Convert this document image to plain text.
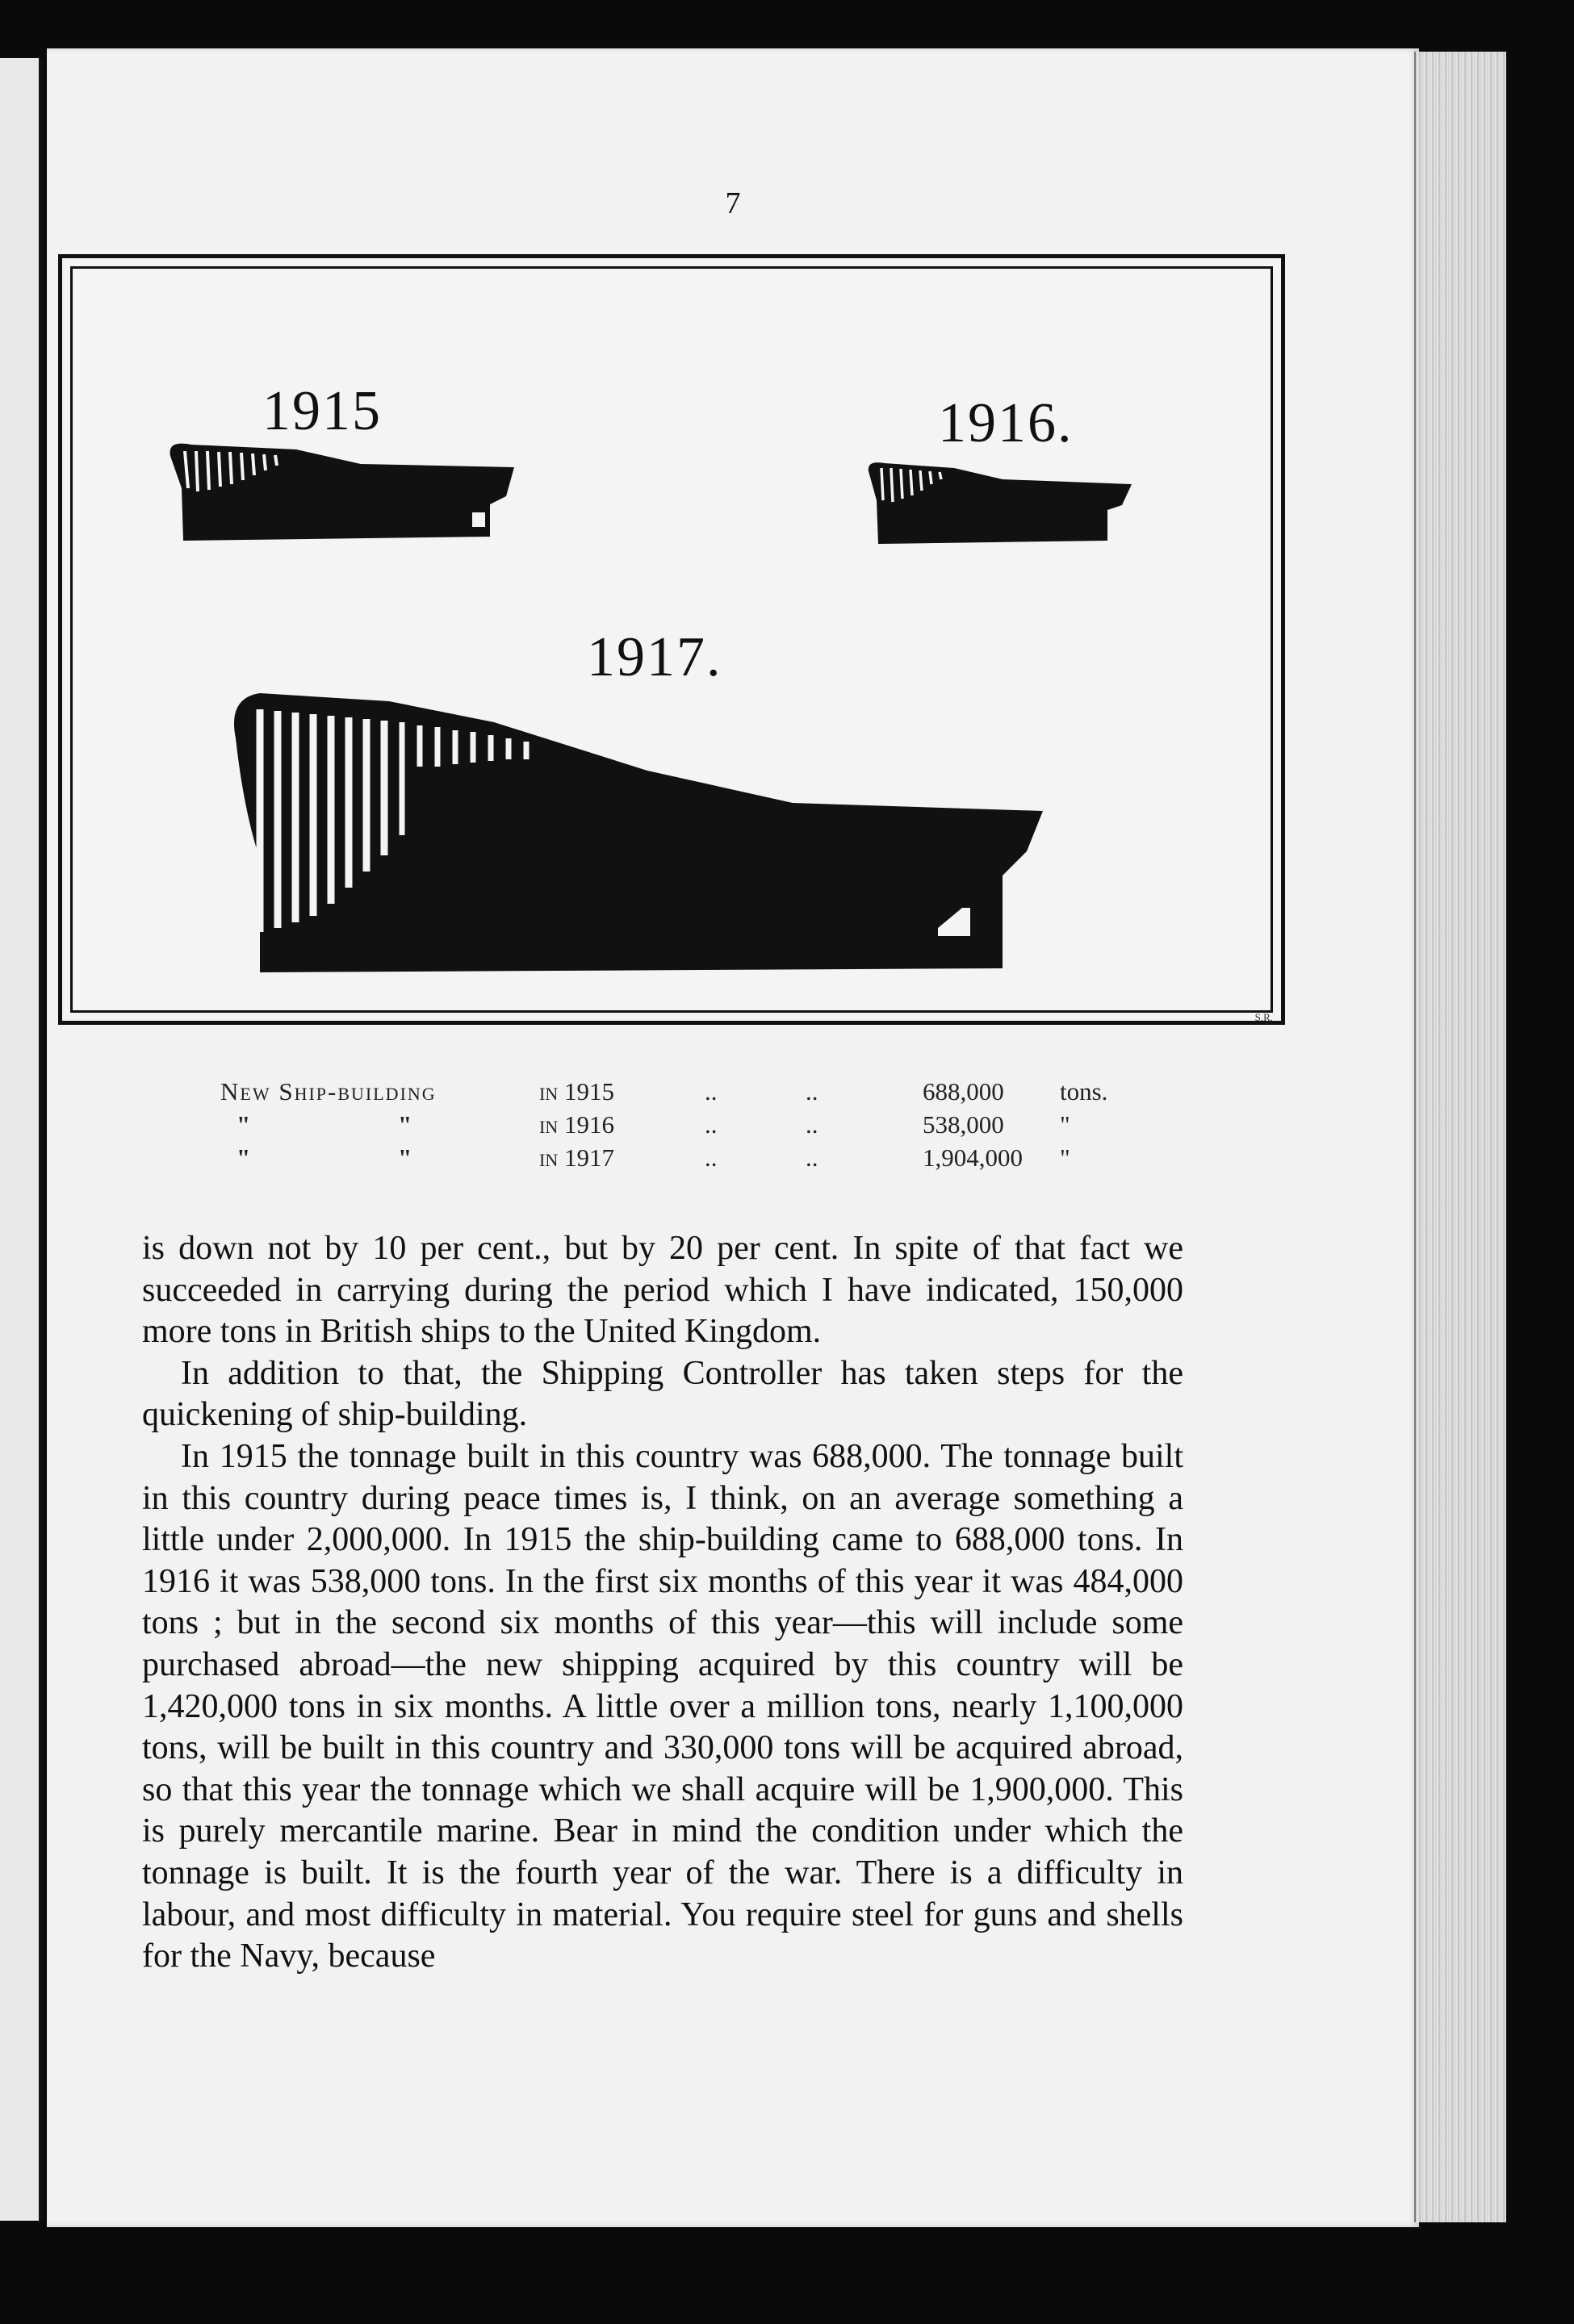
7
1915	1916.
1917.
S.R.
New Ship-building	in 1915	..	..	688,000 tons.
"	"	in 1916	..	..	538,000 "
"	"	in 1917	..	..	1,904,000 "

is down not by 10 per cent., but by 20 per cent. In spite of that fact we succeeded in carrying during the period which I have indicated, 150,000 more tons in British ships to the United Kingdom.

In addition to that, the Shipping Controller has taken steps for the quickening of ship-building.

In 1915 the tonnage built in this country was 688,000. The tonnage built in this country during peace times is, I think, on an average something a little under 2,000,000. In 1915 the ship-building came to 688,000 tons. In 1916 it was 538,000 tons. In the first six months of this year it was 484,000 tons ; but in the second six months of this year—this will include some purchased abroad—the new shipping acquired by this country will be 1,420,000 tons in six months. A little over a million tons, nearly 1,100,000 tons, will be built in this country and 330,000 tons will be acquired abroad, so that this year the tonnage which we shall acquire will be 1,900,000. This is purely mercantile marine. Bear in mind the condition under which the tonnage is built. It is the fourth year of the war. There is a difficulty in labour, and most difficulty in material. You require steel for guns and shells for the Navy, because
